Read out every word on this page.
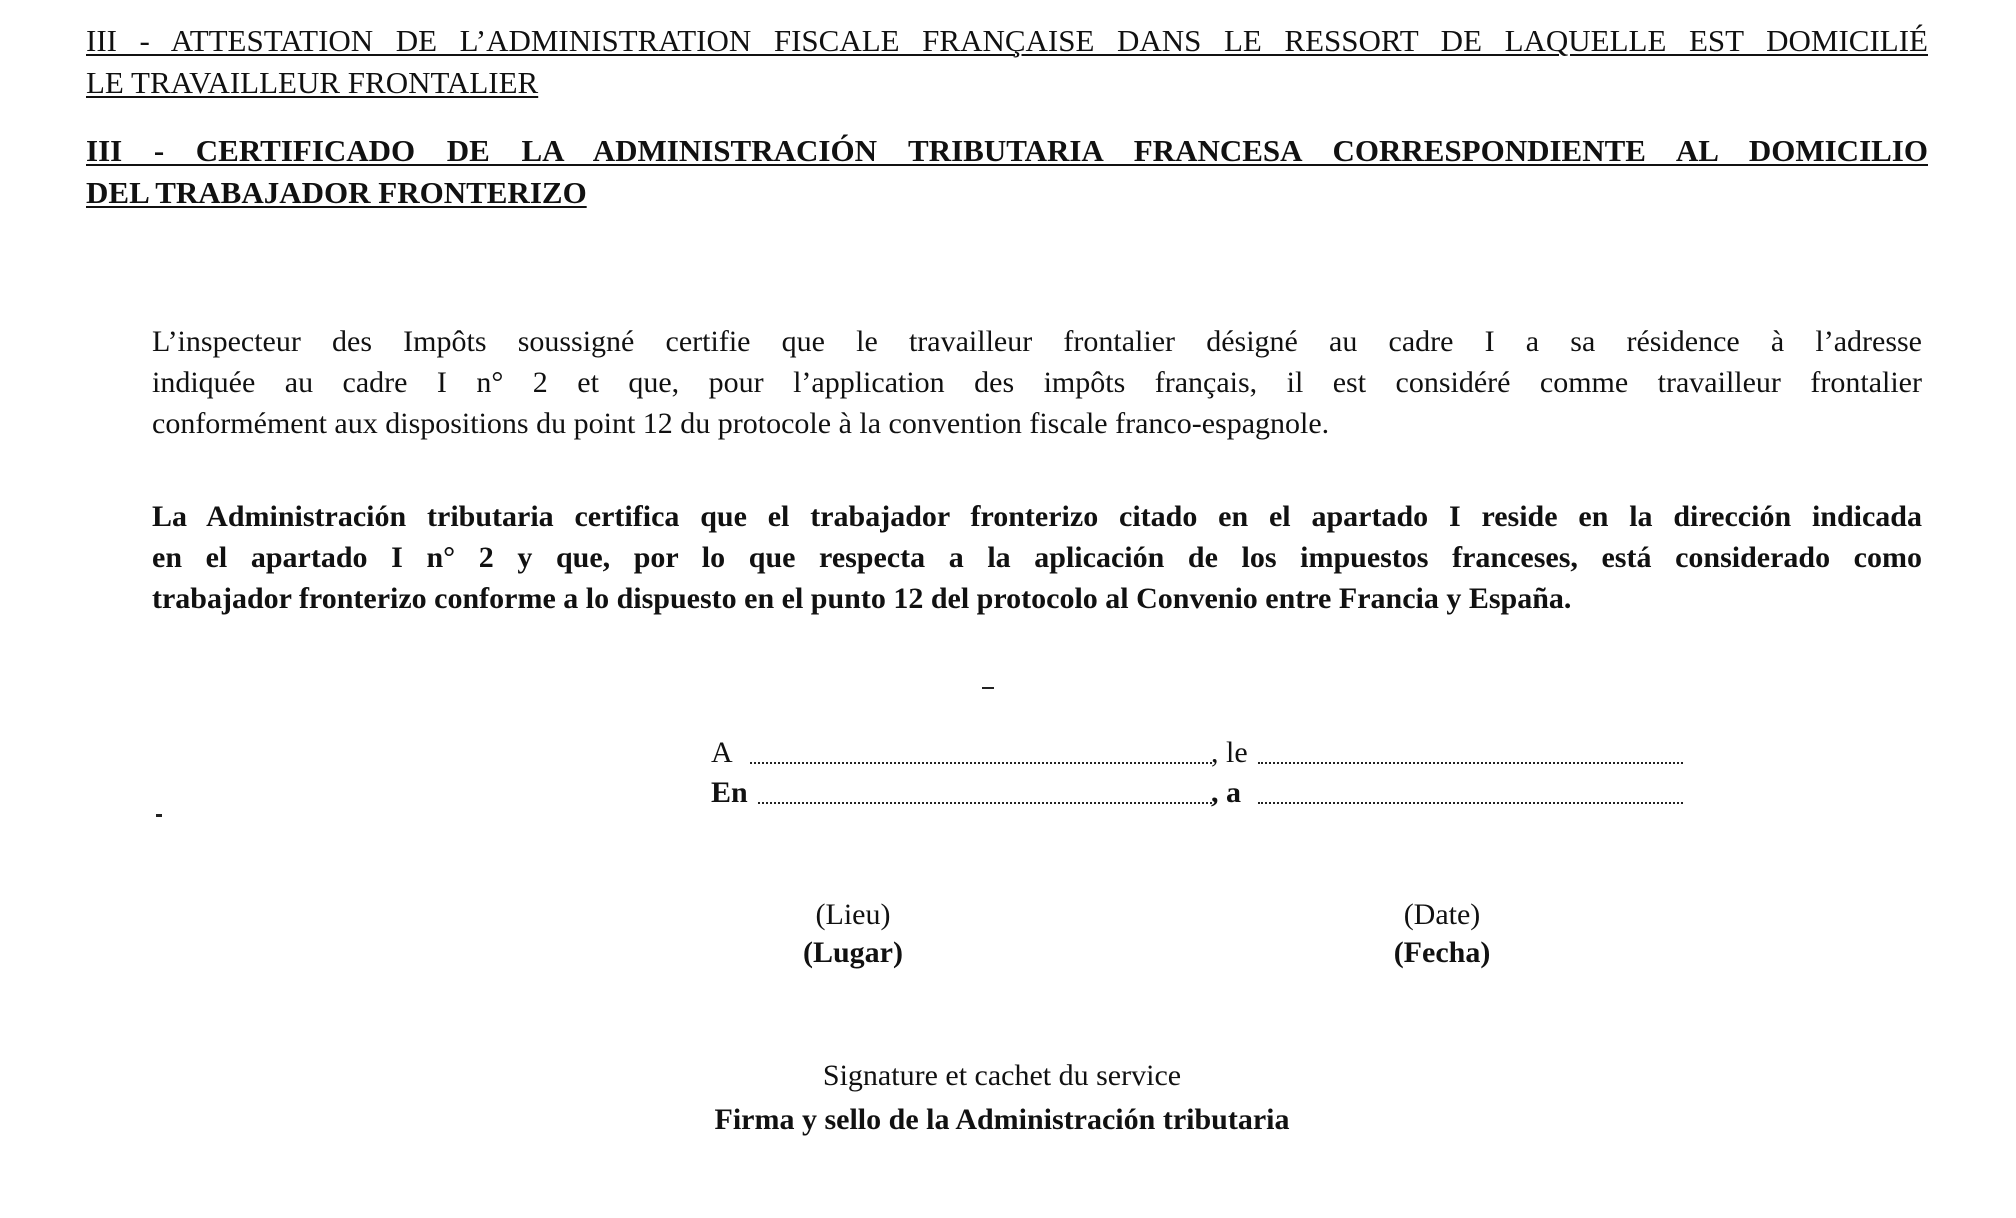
III - ATTESTATION DE L’ADMINISTRATION FISCALE FRANÇAISE DANS LE RESSORT DE LAQUELLE EST DOMICILIÉ
LE TRAVAILLEUR FRONTALIER
III - CERTIFICADO DE LA ADMINISTRACIÓN TRIBUTARIA FRANCESA CORRESPONDIENTE AL DOMICILIO
DEL TRABAJADOR FRONTERIZO

L’inspecteur des Impôts soussigné certifie que le travailleur frontalier désigné au cadre I a sa résidence à l’adresse
indiquée au cadre I n° 2 et que, pour l’application des impôts français, il est considéré comme travailleur frontalier
conformément aux dispositions du point 12 du protocole à la convention fiscale franco-espagnole.

La Administración tributaria certifica que el trabajador fronterizo citado en el apartado I reside en la dirección indicada
en el apartado I n° 2 y que, por lo que respecta a la aplicación de los impuestos franceses, está considerado como
trabajador fronterizo conforme a lo dispuesto en el punto 12 del protocolo al Convenio entre Francia y España.

A	, le
En	, a
(Lieu)
(Lugar)
(Date)
(Fecha)
Signature et cachet du service
Firma y sello de la Administración tributaria
